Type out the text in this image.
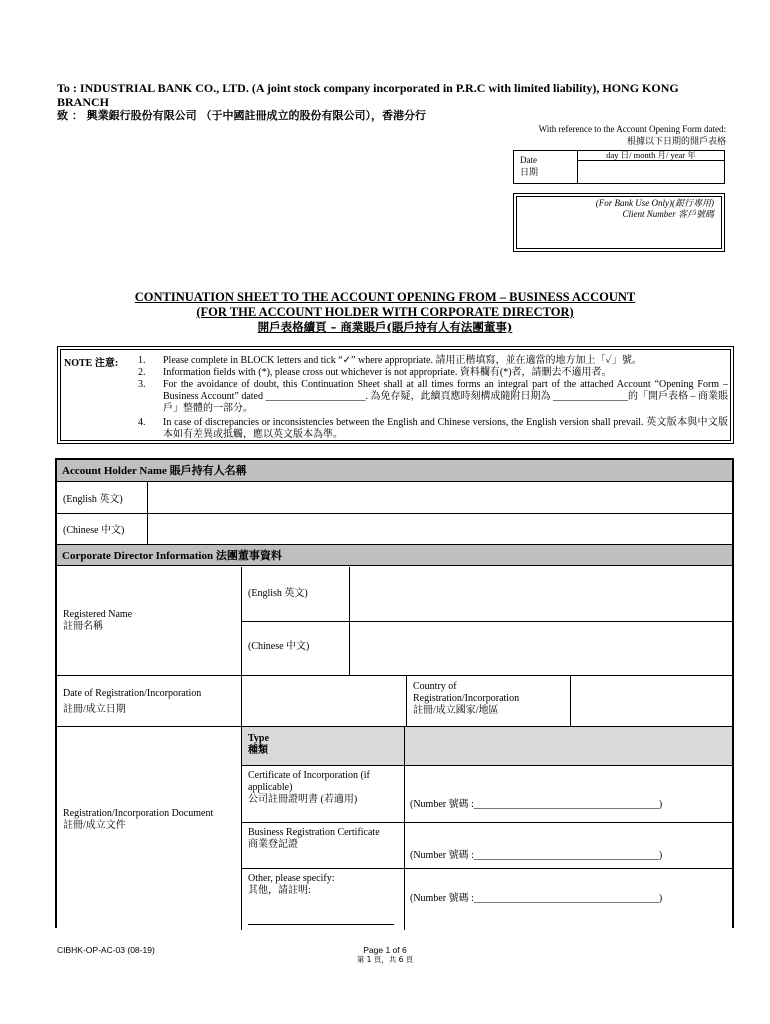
To : INDUSTRIAL BANK CO., LTD. (A joint stock company incorporated in P.R.C with limited liability), HONG KONG BRANCH
致 ： 興業銀行股份有限公司 （于中國註冊成立的股份有限公司），香港分行
With reference to the Account Opening Form dated:
根據以下日期的開戶表格
Date
日期
day 日/ month 月/ year 年
(For Bank Use Only)(銀行專用)
Client Number 客戶號碼
CONTINUATION SHEET TO THE ACCOUNT OPENING FROM – BUSINESS ACCOUNT
(FOR THE ACCOUNT HOLDER WITH CORPORATE DIRECTOR)
開戶表格續頁 – 商業賬戶(賬戶持有人有法團董事)
NOTE 注意: 1. Please complete in BLOCK letters and tick “✓” where appropriate. 請用正楷填寫，並在適當的地方加上「✓」號。
2. Information fields with (*), please cross out whichever is not appropriate. 資料欄有(*)者，請刪去不適用者。
3. For the avoidance of doubt, this Continuation Sheet shall at all times forms an integral part of the attached Account “Opening Form – Business Account” dated ____________________. 為免存疑，此續頁應時刻構成隨附日期為 _______________的「開戶表格 – 商業賬戶」整體的一部分。
4. In case of discrepancies or inconsistencies between the English and Chinese versions, the English version shall prevail. 英文版本與中文版本如有差異或抵觸，應以英文版本為準。
Account Holder Name 賬戶持有人名稱
(English 英文)
(Chinese 中文)
Corporate Director Information 法團董事資料
Registered Name
註冊名稱
(English 英文)
(Chinese 中文)
Date of Registration/Incorporation
註冊/成立日期
Country of Registration/Incorporation
註冊/成立國家/地區
Registration/Incorporation Document
註冊/成立文件
Type
種類
Certificate of Incorporation (if applicable)
公司註冊證明書 (若適用)	(Number 號碼 :_____________________________________)
Business Registration Certificate
商業登記證
(Number 號碼 :_____________________________________)
Other, please specify:
其他，請註明:
(Number 號碼 :_____________________________________)
CIBHK-OP-AC-03 (08-19)	Page 1 of 6
第 1 頁，共 6 頁
